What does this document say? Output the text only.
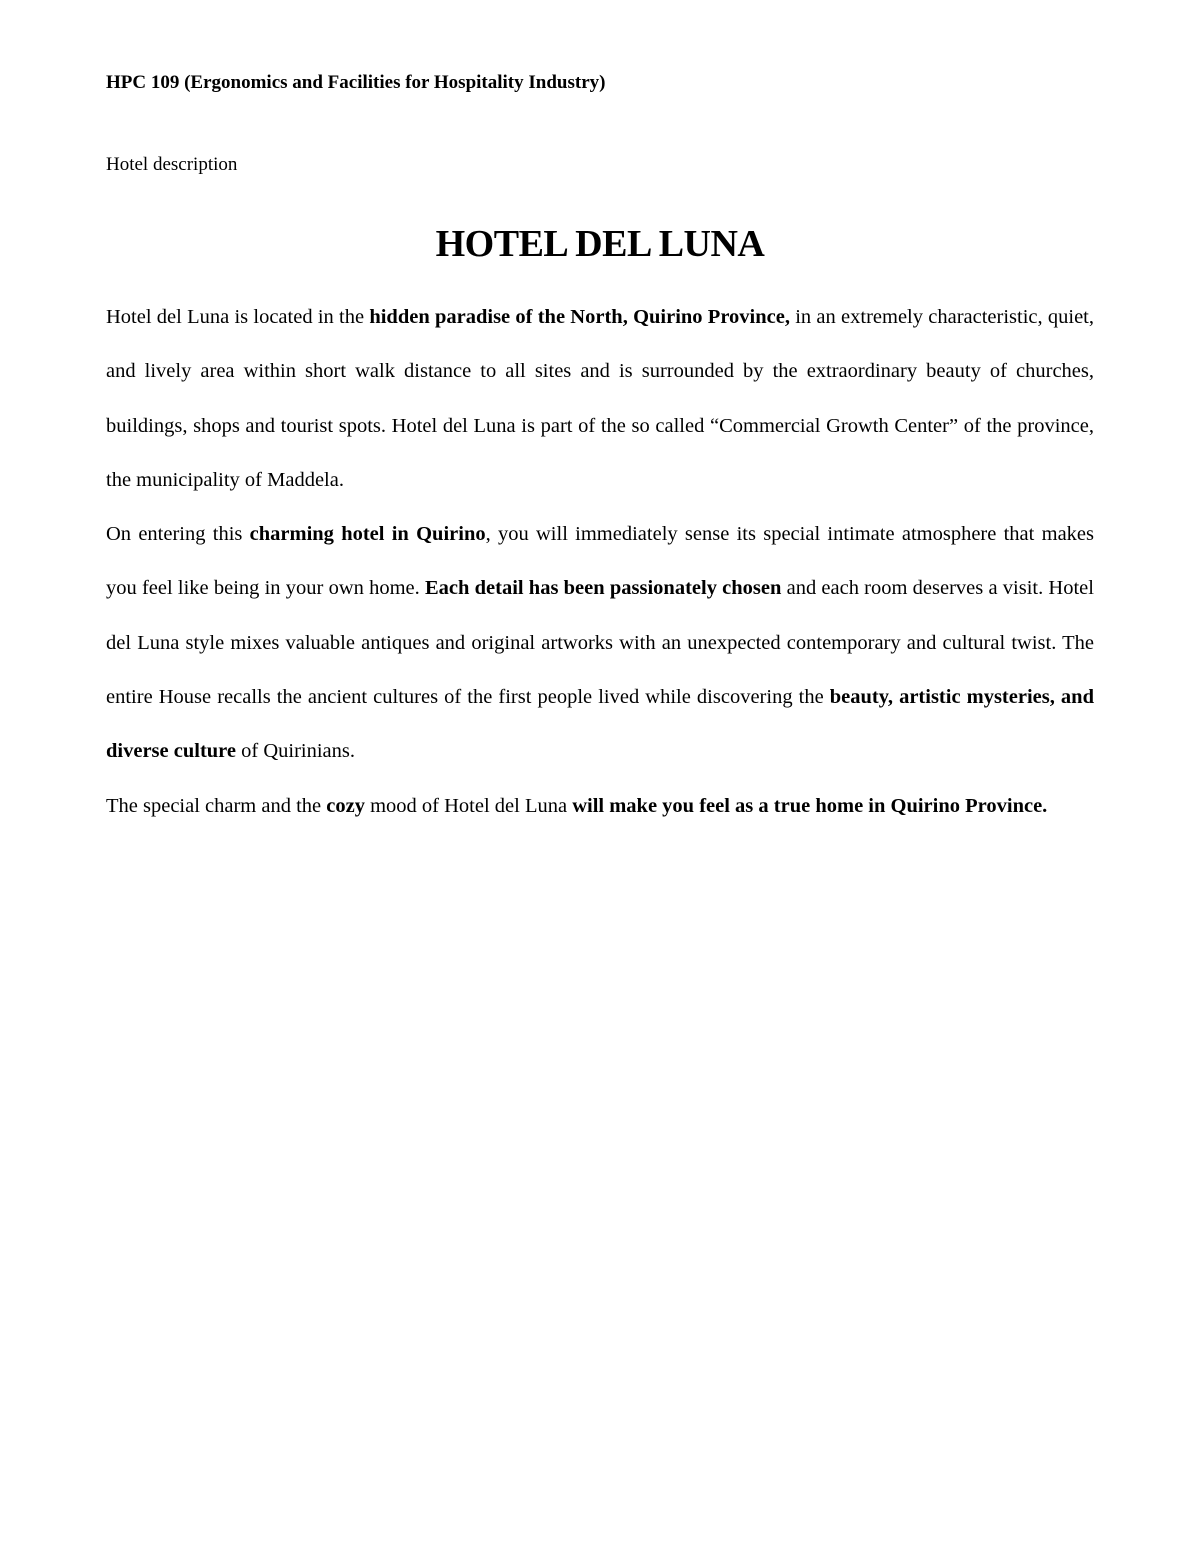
HPC 109 (Ergonomics and Facilities for Hospitality Industry)
Hotel description
HOTEL DEL LUNA

Hotel del Luna is located in the hidden paradise of the North, Quirino Province, in an extremely characteristic, quiet, and lively area within short walk distance to all sites and is surrounded by the extraordinary beauty of churches, buildings, shops and tourist spots. Hotel del Luna is part of the so called “Commercial Growth Center” of the province, the municipality of Maddela.

On entering this charming hotel in Quirino, you will immediately sense its special intimate atmosphere that makes you feel like being in your own home. Each detail has been passionately chosen and each room deserves a visit. Hotel del Luna style mixes valuable antiques and original artworks with an unexpected contemporary and cultural twist. The entire House recalls the ancient cultures of the first people lived while discovering the beauty, artistic mysteries, and diverse culture of Quirinians.

The special charm and the cozy mood of Hotel del Luna will make you feel as a true home in Quirino Province.
